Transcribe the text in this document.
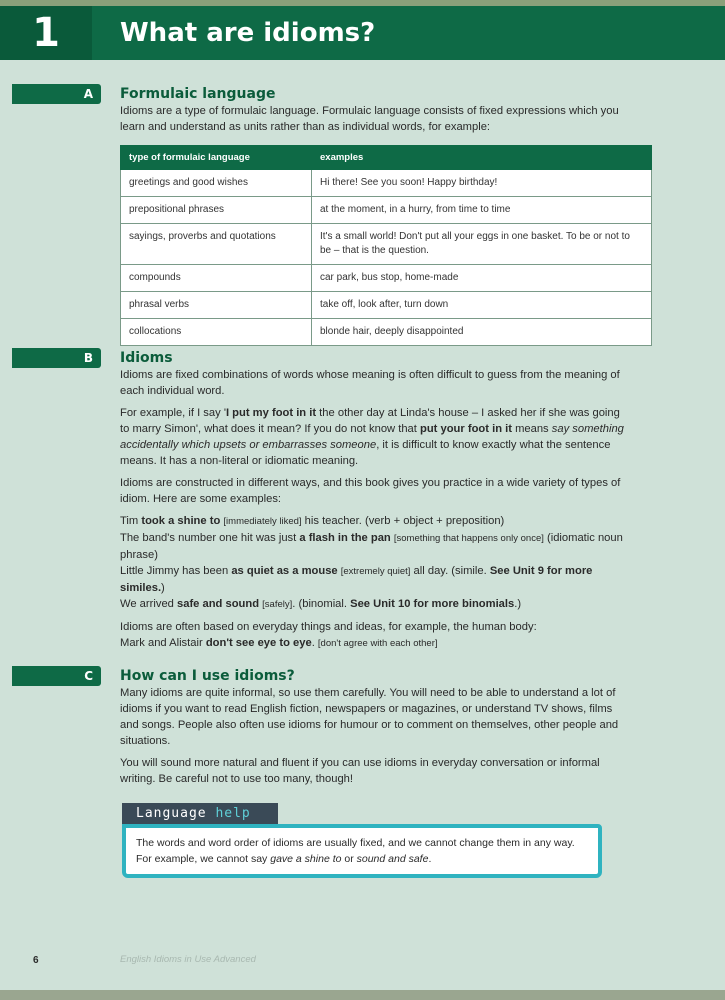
1	What are idioms?
A	Formulaic language

Idioms are a type of formulaic language. Formulaic language consists of fixed expressions which you learn and understand as units rather than as individual words, for example:

type of formulaic language	examples
greetings and good wishes	Hi there! See you soon! Happy birthday!
prepositional phrases	at the moment, in a hurry, from time to time
sayings, proverbs and quotations	It's a small world! Don't put all your eggs in one basket. To be or not to be – that is the question.
compounds	car park, bus stop, home-made
phrasal verbs	take off, look after, turn down
collocations	blonde hair, deeply disappointed
B	Idioms

Idioms are fixed combinations of words whose meaning is often difficult to guess from the meaning of each individual word.

For example, if I say 'I put my foot in it the other day at Linda's house – I asked her if she was going to marry Simon', what does it mean? If you do not know that put your foot in it means say something accidentally which upsets or embarrasses someone, it is difficult to know exactly what the sentence means. It has a non-literal or idiomatic meaning.

Idioms are constructed in different ways, and this book gives you practice in a wide variety of types of idiom. Here are some examples:

Tim took a shine to [immediately liked] his teacher. (verb + object + preposition)
The band's number one hit was just a flash in the pan [something that happens only once] (idiomatic noun phrase)
Little Jimmy has been as quiet as a mouse [extremely quiet] all day. (simile. See Unit 9 for more similes.)
We arrived safe and sound [safely]. (binomial. See Unit 10 for more binomials.)
Idioms are often based on everyday things and ideas, for example, the human body:
Mark and Alistair don't see eye to eye. [don't agree with each other]
C	How can I use idioms?

Many idioms are quite informal, so use them carefully. You will need to be able to understand a lot of idioms if you want to read English fiction, newspapers or magazines, or understand TV shows, films and songs. People also often use idioms for humour or to comment on themselves, other people and situations.

You will sound more natural and fluent if you can use idioms in everyday conversation or informal writing. Be careful not to use too many, though!

Language help
The words and word order of idioms are usually fixed, and we cannot change them in any way. For example, we cannot say gave a shine to or sound and safe.
6	English Idioms in Use Advanced
